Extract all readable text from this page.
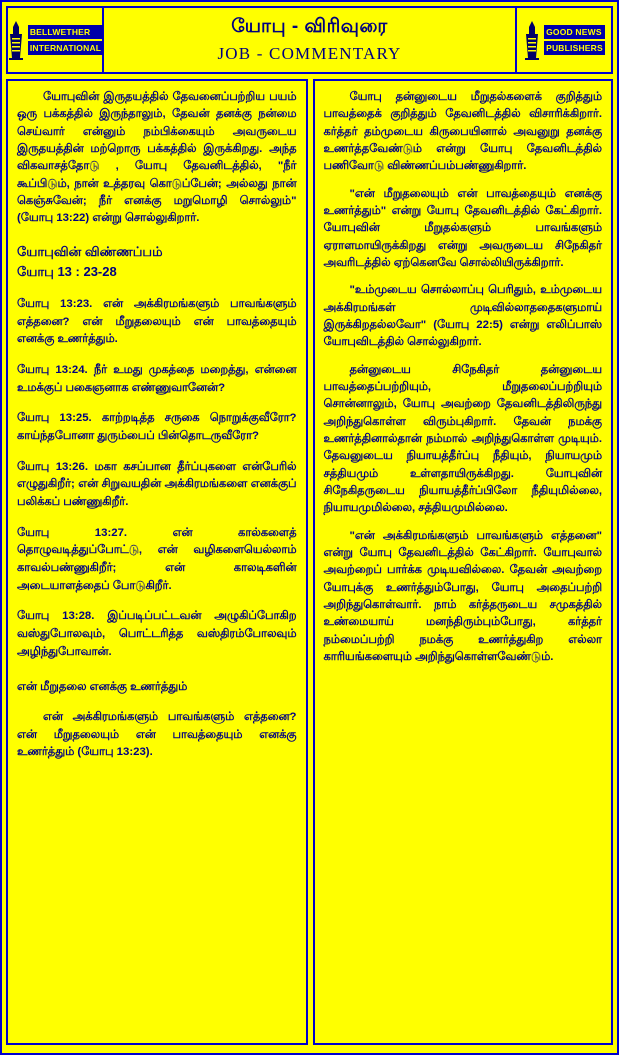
BELLWETHER
INTERNATIONAL
யோபு - விரிவுரை
JOB - COMMENTARY
GOOD NEWS
PUBLISHERS

யோபுவின் இருதயத்தில் தேவனைப்பற்றிய பயம் ஒரு பக்கத்தில் இருந்தாலும், தேவன் தனக்கு நன்மை செய்வார் என்னும் நம்பிக்கையும் அவருடைய இருதயத்தின் மற்றொரு பக்கத்தில் இருக்கிறது. அந்த விகவாசத்தோடு , யோபு தேவனிடத்தில், "நீர் கூப்பிடும், நான் உத்தரவு கொடுப்பேன்; அல்லது நான் கெஞ்சுவேன்; நீர் எனக்கு மறுமொழி சொல்லும்" (யோபு 13:22) என்று சொல்லுகிறார்.

யோபுவின் விண்ணப்பம்
யோபு 13 : 23-28

யோபு 13:23. என் அக்கிரமங்களும் பாவங்களும் எத்தனை? என் மீறுதலையும் என் பாவத்தையும் எனக்கு உணர்த்தும்.

யோபு 13:24. நீர் உமது முகத்தை மறைத்து, என்னை உமக்குப் பகைஞனாக எண்ணுவானேன்?

யோபு 13:25. காற்றடித்த சருகை நொறுக்குவீரோ? காய்ந்தபோனா துரும்பைப் பின்தொடருவீரோ?

யோபு 13:26. மகா கசப்பான தீர்ப்புகளை என்பேரில் எழுதுகிறீர்; என் சிறுவயதின் அக்கிரமங்களை எனக்குப் பலிக்கப் பண்ணுகிறீர்.

யோபு 13:27. என் கால்களைத் தொழுவடித்துப்போட்டு, என் வழிகளையெல்லாம் காவல்பண்ணுகிறீர்; என் காலடிகளின் அடையாளத்தைப் போடுகிறீர்.

யோபு 13:28. இப்படிப்பட்டவன் அழுகிப்போகிற வஸ்துபோலவும், பொட்டரித்த வஸ்திரம்போலவும் அழிந்துபோவான்.

என் மீறுதலை எனக்கு உணர்த்தும்

என் அக்கிரமங்களும் பாவங்களும் எத்தனை? என் மீறுதலையும் என் பாவத்தையும் எனக்கு உணர்த்தும் (யோபு 13:23).

யோபு தன்னுடைய மீறுதல்களைக் குறித்தும் பாவத்தைக் குறித்தும் தேவனிடத்தில் விசாரிக்கிறார். கர்த்தர் தம்முடைய கிருபையினால் அவனுறு தனக்கு உணர்த்தவேண்டும் என்று யோபு தேவனிடத்தில் பணிவோடு விண்ணப்பம்பண்ணுகிறார்.

"என் மீறுதலையும் என் பாவத்தையும் எனக்கு உணர்த்தும்" என்று யோபு தேவனிடத்தில் கேட்கிறார். யோபுவின் மீறுதல்களும் பாவங்களும் ஏராளமாயிருக்கிறது என்று அவருடைய சிநேகிதர் அவரிடத்தில் ஏற்கெனவே சொல்லியிருக்கிறார்.

"உம்முடைய சொல்லாப்பு பெரிதும், உம்முடைய அக்கிரமங்கள் முடிவில்லாததைகளுமாய் இருக்கிறதல்லவோ" (யோபு 22:5) என்று எலிப்பாஸ் யோபுவிடத்தில் சொல்லுகிறார்.

தன்னுடைய சிநேகிதர் தன்னுடைய பாவத்தைப்பற்றியும், மீறுதலைப்பற்றியும் சொன்னாலும், யோபு அவற்றை தேவனிடத்திலிருந்து அறிந்துகொள்ள விரும்புகிறார். தேவன் நமக்கு உணர்த்தினால்தான் நம்மால் அறிந்துகொள்ள முடியும். தேவனுடைய நியாயத்தீர்ப்பு நீதியும், நியாயமும் சத்தியமும் உள்ளதாயிருக்கிறது. யோபுவின் சிநேகிதருடைய நியாயத்தீர்ப்பிலோ நீதியுமில்லை, நியாயமுமில்லை, சத்தியமுமில்லை.

"என் அக்கிரமங்களும் பாவங்களும் எத்தனை" என்று யோபு தேவனிடத்தில் கேட்கிறார். யோபுவால் அவற்றைப் பார்க்க முடியவில்லை. தேவன் அவற்றை யோபுக்கு உணர்த்தும்போது, யோபு அதைப்பற்றி அறிந்துகொள்வார். நாம் கர்த்தருடைய சமுகத்தில் உண்மையாய் மனந்திரும்பும்போது, கர்த்தர் நம்மைப்பற்றி நமக்கு உணர்த்துகிற எல்லா காரியங்களையும் அறிந்துகொள்ளவேண்டும்.
